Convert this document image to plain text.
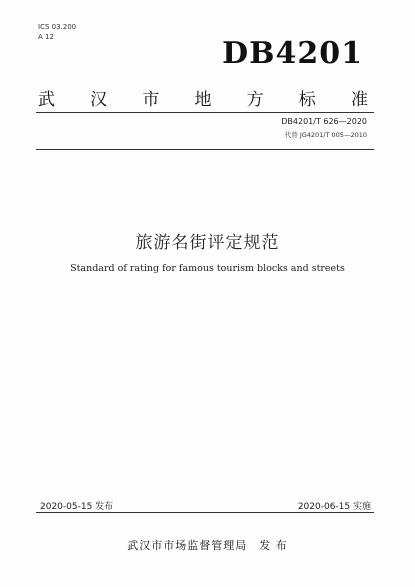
ICS 03.200
A 12	DB4201
武 汉 市 地 方 标 准
DB4201/T 626—2020
代替 JG4201/T 005—2010
旅游名街评定规范
Standard of rating for famous tourism blocks and streets
2020-05-15 发布	2020-06-15 实施
武汉市市场监督管理局　发 布
